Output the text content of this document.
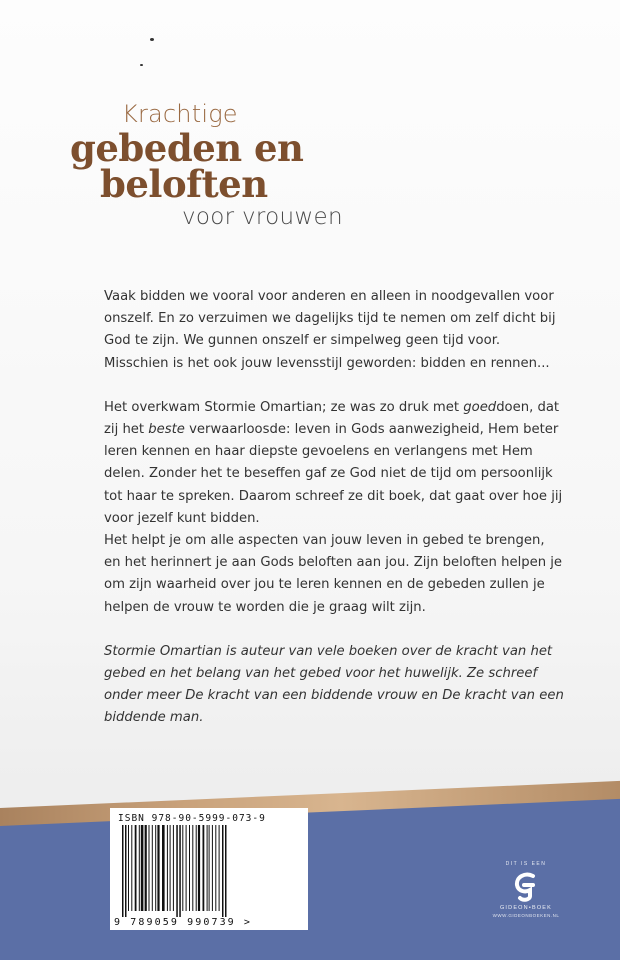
Krachtige
gebeden en
beloften
voor vrouwen

Vaak bidden we vooral voor anderen en alleen in noodgevallen voor onszelf. En zo verzuimen we dagelijks tijd te nemen om zelf dicht bij God te zijn. We gunnen onszelf er simpelweg geen tijd voor. Misschien is het ook jouw levensstijl geworden: bidden en rennen...

Het overkwam Stormie Omartian; ze was zo druk met goeddoen, dat zij het beste verwaarloosde: leven in Gods aanwezigheid, Hem beter leren kennen en haar diepste gevoelens en verlangens met Hem delen. Zonder het te beseffen gaf ze God niet de tijd om persoonlijk tot haar te spreken. Daarom schreef ze dit boek, dat gaat over hoe jij voor jezelf kunt bidden.

Het helpt je om alle aspecten van jouw leven in gebed te brengen, en het herinnert je aan Gods beloften aan jou. Zijn beloften helpen je om zijn waarheid over jou te leren kennen en de gebeden zullen je helpen de vrouw te worden die je graag wilt zijn.

Stormie Omartian is auteur van vele boeken over de kracht van het gebed en het belang van het gebed voor het huwelijk. Ze schreef onder meer De kracht van een biddende vrouw en De kracht van een biddende man.

ISBN 978-90-5999-073-9
9 789059 990739 >
DIT IS EEN
GIDEON•BOEK
WWW.GIDEONBOEKEN.NL
